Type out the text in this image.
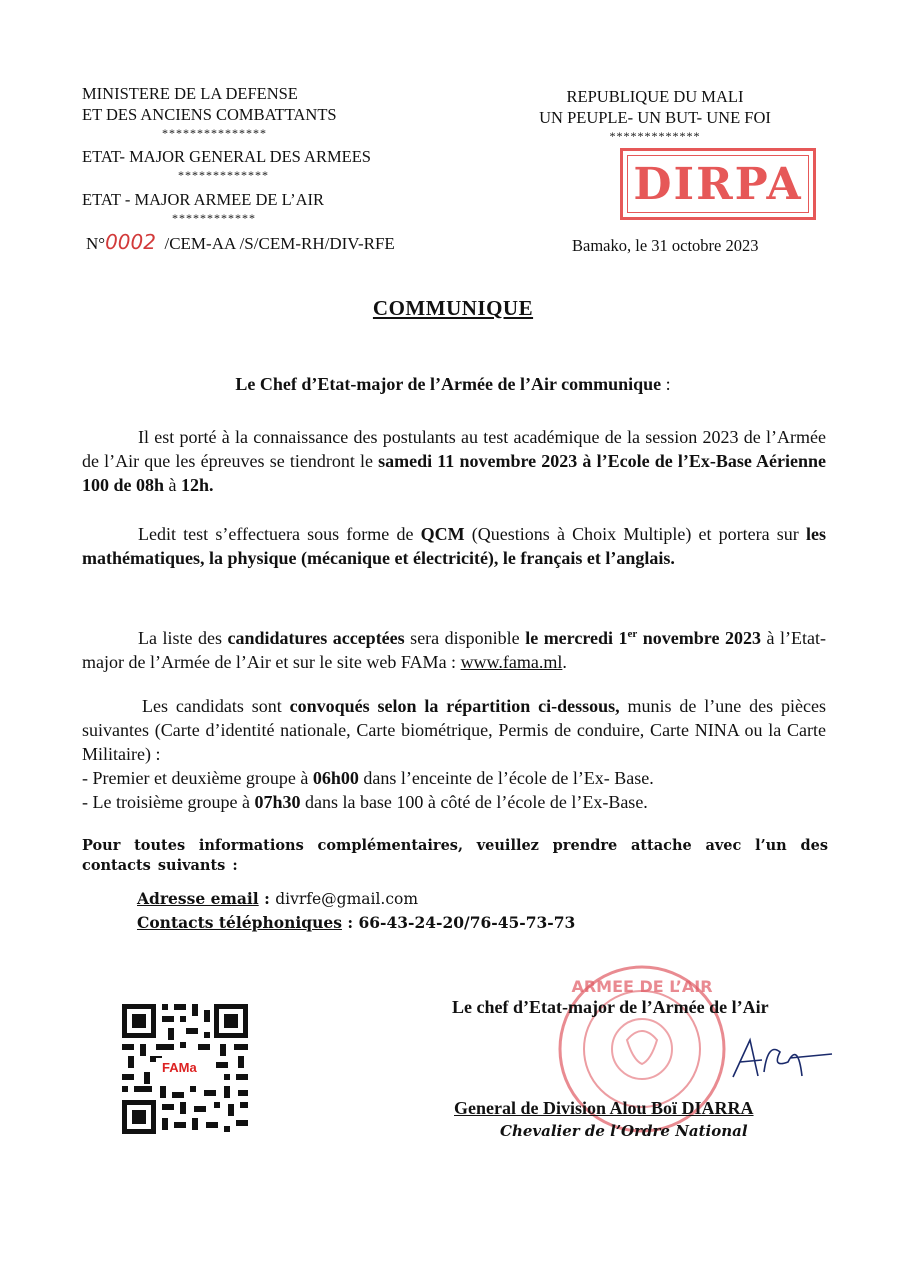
MINISTERE DE LA DEFENSE
ET DES ANCIENS COMBATTANTS
***************
ETAT- MAJOR GENERAL DES ARMEES
*************
ETAT - MAJOR ARMEE DE L’AIR
************
N°0002 /CEM-AA /S/CEM-RH/DIV-RFE
REPUBLIQUE DU MALI
UN PEUPLE- UN BUT- UNE FOI
*************
DIRPA
Bamako, le 31 octobre 2023
COMMUNIQUE
Le Chef d’Etat-major de l’Armée de l’Air communique :
Il est porté à la connaissance des postulants au test académique de la session 2023 de l’Armée de l’Air que les épreuves se tiendront le samedi 11 novembre 2023 à l’Ecole de l’Ex-Base Aérienne 100 de 08h à 12h.
Ledit test s’effectuera sous forme de QCM (Questions à Choix Multiple) et portera sur les mathématiques, la physique (mécanique et électricité), le français et l’anglais.
La liste des candidatures acceptées sera disponible le mercredi 1er novembre 2023 à l’Etat-major de l’Armée de l’Air et sur le site web FAMa : www.fama.ml.
Les candidats sont convoqués selon la répartition ci-dessous, munis de l’une des pièces suivantes (Carte d’identité nationale, Carte biométrique, Permis de conduire, Carte NINA ou la Carte Militaire) :
- Premier et deuxième groupe à 06h00 dans l’enceinte de l’école de l’Ex- Base.
- Le troisième groupe à 07h30 dans la base 100 à côté de l’école de l’Ex-Base.
Pour toutes informations complémentaires, veuillez prendre attache avec l’un des contacts suivants :
Adresse email : divrfe@gmail.com
Contacts téléphoniques : 66-43-24-20/76-45-73-73
FAMa
ARMEE DE L’AIR
Le chef d’Etat-major de l’Armée de l’Air
General de Division Alou Boï DIARRA
Chevalier de l’Ordre National
